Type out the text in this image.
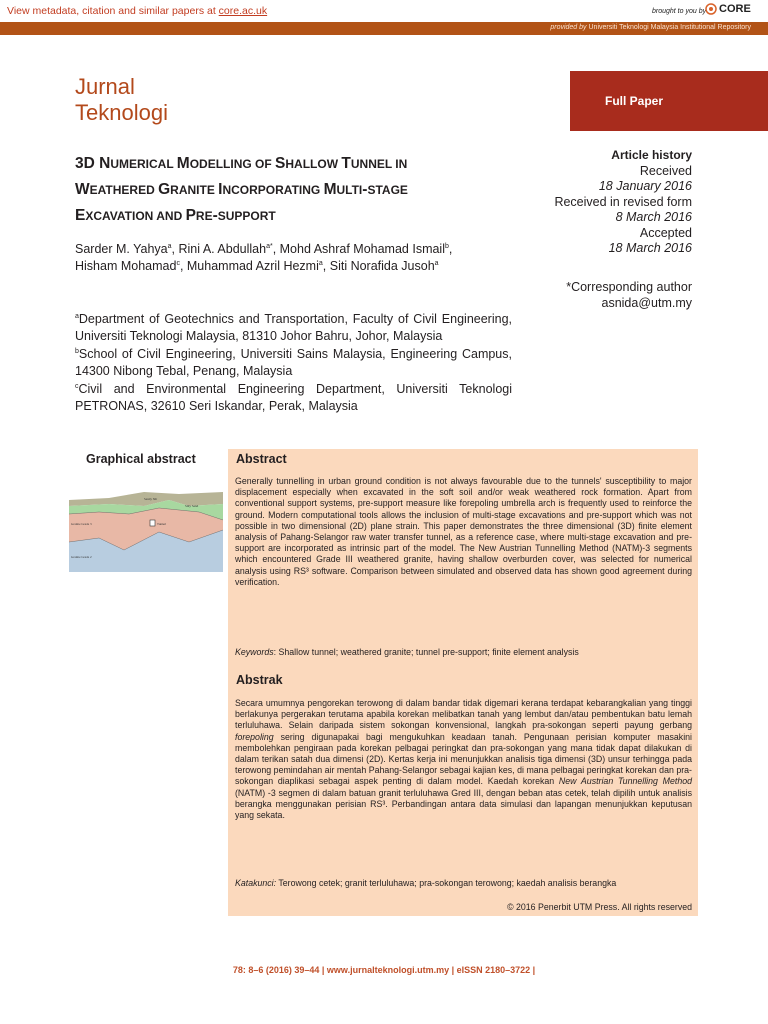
View metadata, citation and similar papers at core.ac.uk	brought to you by CORE
provided by Universiti Teknologi Malaysia Institutional Repository
Jurnal
Teknologi	Full Paper
3D NUMERICAL MODELLING OF SHALLOW TUNNEL IN
WEATHERED GRANITE INCORPORATING MULTI-STAGE
EXCAVATION AND PRE-SUPPORT
Article history
Received
18 January 2016
Received in revised form
8 March 2016
Accepted
18 March 2016
*Corresponding author
asnida@utm.my
Sarder M. Yahya$^a$, Rini A. Abdullah$^{a*}$, Mohd Ashraf Mohamad Ismail$^b$, Hisham Mohamad$^c$, Muhammad Azril Hezmi$^a$, Siti Norafida Jusoh$^a$
$^a$Department of Geotechnics and Transportation, Faculty of Civil Engineering, Universiti Teknologi Malaysia, 81310 Johor Bahru, Johor, Malaysia
$^b$School of Civil Engineering, Universiti Sains Malaysia, Engineering Campus, 14300 Nibong Tebal, Penang, Malaysia
$^c$Civil and Environmental Engineering Department, Universiti Teknologi PETRONAS, 32610 Seri Iskandar, Perak, Malaysia
Graphical abstract
Sandy Silt
Silty Sand
Granite Grade 3	Tunnel
Granite Grade 2
Abstract
Generally tunnelling in urban ground condition is not always favourable due to the tunnels' susceptibility to major displacement especially when excavated in the soft soil and/or weak weathered rock formation. Apart from conventional support systems, pre-support measure like forepoling umbrella arch is frequently used to reinforce the ground. Modern computational tools allows the inclusion of multi-stage excavations and pre-support which was not possible in two dimensional (2D) plane strain. This paper demonstrates the three dimensional (3D) finite element analysis of Pahang-Selangor raw water transfer tunnel, as a reference case, where multi-stage excavation and pre-support are incorporated as intrinsic part of the model. The New Austrian Tunnelling Method (NATM)-3 segments which encountered Grade III weathered granite, having shallow overburden cover, was selected for numerical analysis using RS³ software. Comparison between simulated and observed data has shown good agreement during verification.
Keywords: Shallow tunnel; weathered granite; tunnel pre-support; finite element analysis
Abstrak
Secara umumnya pengorekan terowong di dalam bandar tidak digemari kerana terdapat kebarangkalian yang tinggi berlakunya pergerakan terutama apabila korekan melibatkan tanah yang lembut dan/atau pembentukan batu lemah terluluhawa. Selain daripada sistem sokongan konvensional, langkah pra-sokongan seperti payung gerbang forepoling sering digunapakai bagi mengukuhkan keadaan tanah. Pengunaan perisian komputer masakini membolehkan pengiraan pada korekan pelbagai peringkat dan pra-sokongan yang mana tidak dapat dilakukan di dalam terikan satah dua dimensi (2D). Kertas kerja ini menunjukkan analisis tiga dimensi (3D) unsur terhingga pada terowong pemindahan air mentah Pahang-Selangor sebagai kajian kes, di mana pelbagai peringkat korekan dan pra-sokongan diaplikasi sebagai aspek penting di dalam model. Kaedah korekan New Austrian Tunnelling Method (NATM) -3 segmen di dalam batuan granit terluluhawa Gred III, dengan beban atas cetek, telah dipilih untuk analisis berangka menggunakan perisian RS³. Perbandingan antara data simulasi dan lapangan menunjukkan keputusan yang sekata.
Katakunci: Terowong cetek; granit terluluhawa; pra-sokongan terowong; kaedah analisis berangka
© 2016 Penerbit UTM Press. All rights reserved
78: 8–6 (2016) 39–44 | www.jurnalteknologi.utm.my | eISSN 2180–3722 |
